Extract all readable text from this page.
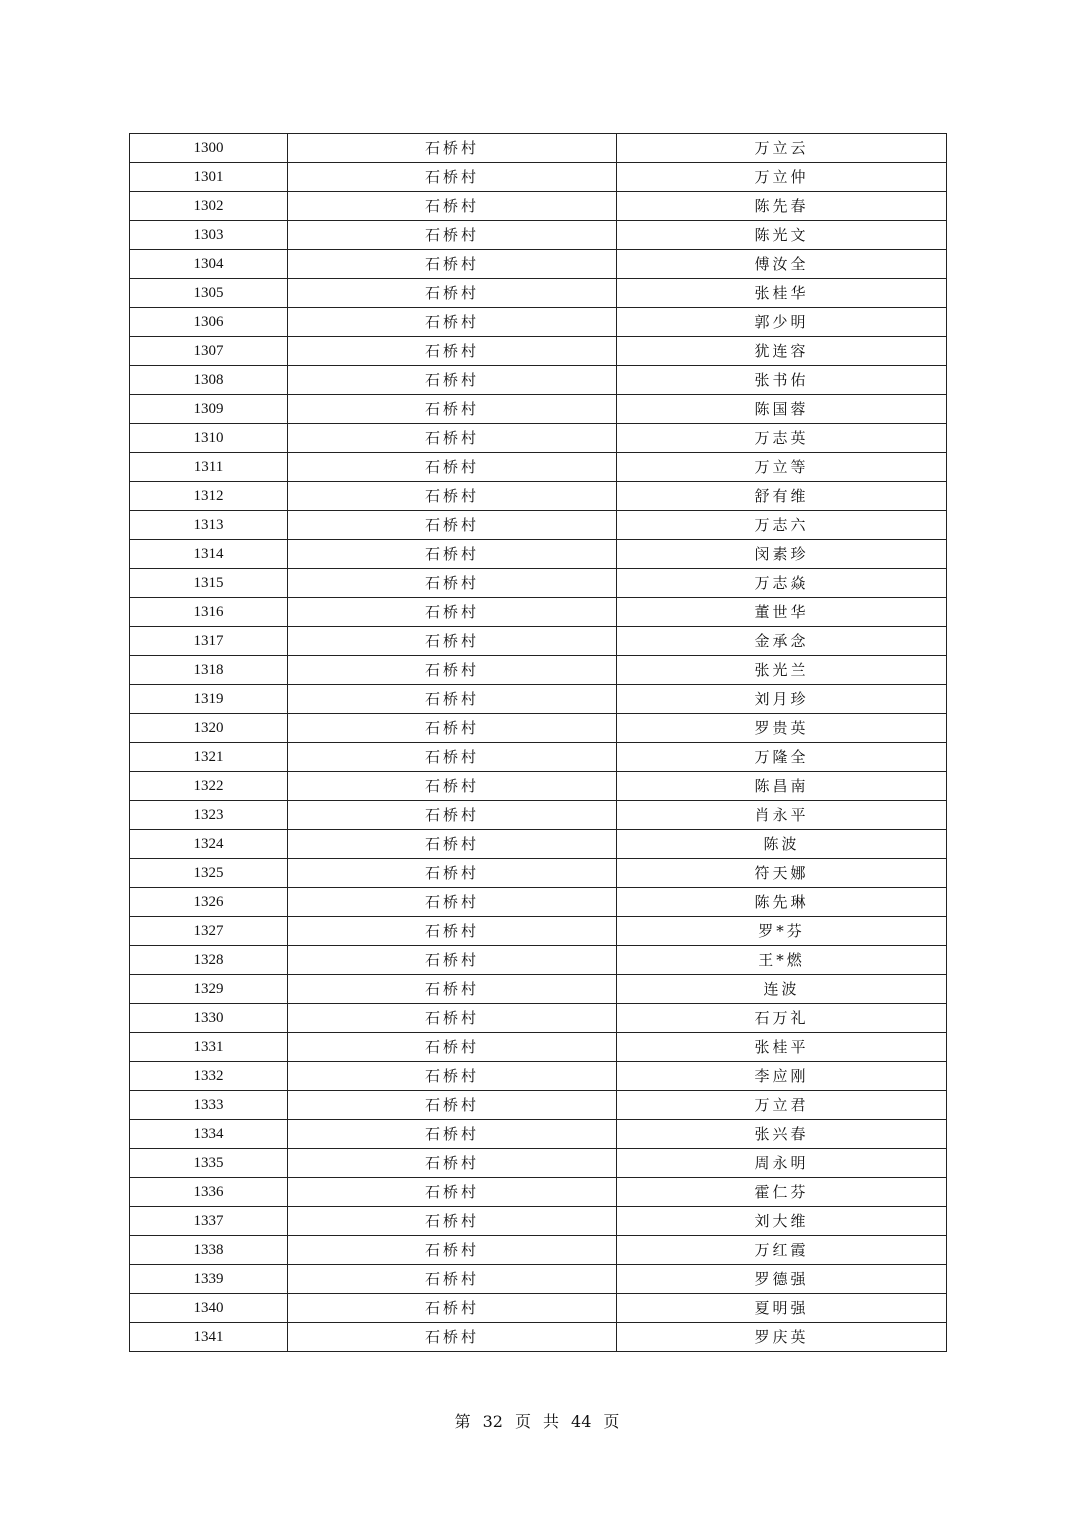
1300	石桥村	万立云
1301	石桥村	万立仲
1302	石桥村	陈先春
1303	石桥村	陈光文
1304	石桥村	傅汝全
1305	石桥村	张桂华
1306	石桥村	郭少明
1307	石桥村	犹连容
1308	石桥村	张书佑
1309	石桥村	陈国蓉
1310	石桥村	万志英
1311	石桥村	万立等
1312	石桥村	舒有维
1313	石桥村	万志六
1314	石桥村	闵素珍
1315	石桥村	万志焱
1316	石桥村	董世华
1317	石桥村	金承念
1318	石桥村	张光兰
1319	石桥村	刘月珍
1320	石桥村	罗贵英
1321	石桥村	万隆全
1322	石桥村	陈昌南
1323	石桥村	肖永平
1324	石桥村	陈波
1325	石桥村	符天娜
1326	石桥村	陈先琳
1327	石桥村	罗*芬
1328	石桥村	王*燃
1329	石桥村	连波
1330	石桥村	石万礼
1331	石桥村	张桂平
1332	石桥村	李应刚
1333	石桥村	万立君
1334	石桥村	张兴春
1335	石桥村	周永明
1336	石桥村	霍仁芬
1337	石桥村	刘大维
1338	石桥村	万红霞
1339	石桥村	罗德强
1340	石桥村	夏明强
1341	石桥村	罗庆英
第 32 页 共 44 页
